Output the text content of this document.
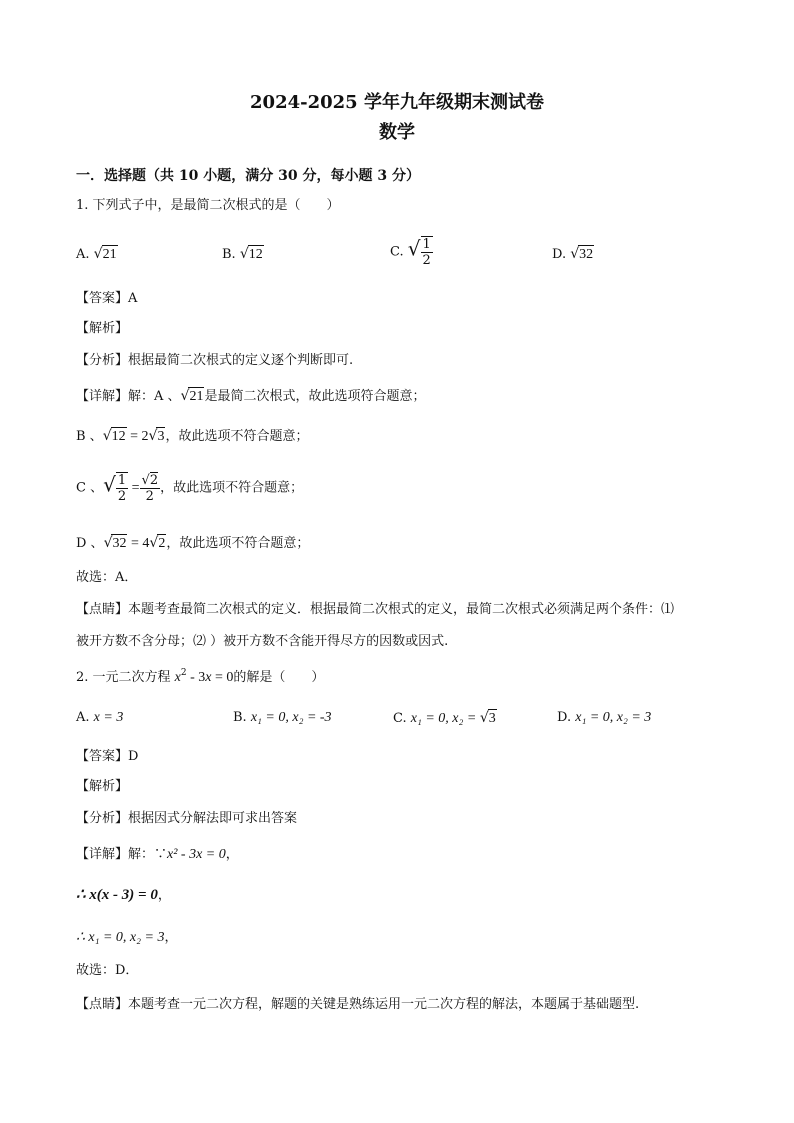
2024-2025 学年九年级期末测试卷
数学
一．选择题（共 10 小题，满分 30 分，每小题 3 分）
1. 下列式子中，是最简二次根式的是（　　）
A. √21	B. √12	C. √ $\frac{1}{2}$	D. √32
【答案】A
【解析】
【分析】根据最简二次根式的定义逐个判断即可.
【详解】解：A 、√21是最简二次根式，故此选项符合题意；
B 、√12 = 2√3，故此选项不符合题意；
C 、√ $\frac{1}{2} = \frac{√2}{2}$ ，故此选项不符合题意；
D 、√32 = 4√2，故此选项不符合题意；
故选：A．
【点睛】本题考查最简二次根式的定义．根据最简二次根式的定义，最简二次根式必须满足两个条件：⑴
被开方数不含分母；⑵ ）被开方数不含能开得尽方的因数或因式.
2. 一元二次方程 $x^2 - 3x = 0$的解是（　　）
A. x = 3	B. x₁ = 0, x₂ = -3	C. x₁ = 0, x₂ = √3	D. x₁ = 0, x₂ = 3
【答案】D
【解析】
【分析】根据因式分解法即可求出答案
【详解】解：∵x² - 3x = 0，
∴ x(x - 3) = 0，
∴ x₁ = 0, x₂ = 3，
故选：D．
【点睛】本题考查一元二次方程，解题的关键是熟练运用一元二次方程的解法，本题属于基础题型.
